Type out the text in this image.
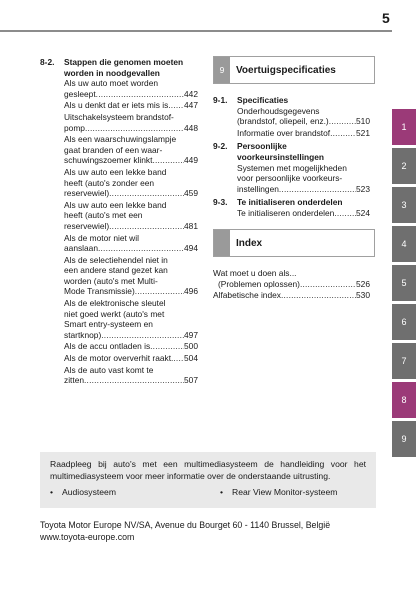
5
8-2.	Stappen die genomen moeten worden in noodgevallen
Als uw auto moet worden
gesleept .....	442
Als u denkt dat er iets mis is ..... 447
Uitschakelsysteem brandstof-
pomp .....	448
Als een waarschuwingslampje
gaat branden of een waar-
schuwingszoemer klinkt .....	449
Als uw auto een lekke band
heeft (auto's zonder een
reservewiel) .....	459
Als uw auto een lekke band
heeft (auto's met een
reservewiel) .....	481
Als de motor niet wil
aanslaan .....	494
Als de selectiehendel niet in
een andere stand gezet kan
worden (auto's met Multi-
Mode Transmissie) .....	496
Als de elektronische sleutel
niet goed werkt (auto's met
Smart entry-systeem en
startknop) .....	497
Als de accu ontladen is .....	500
Als de motor oververhit raakt. ..... 504
Als de auto vast komt te
zitten .....	507
9	Voertuigspecificaties
9-1.	Specificaties
Onderhoudsgegevens
(brandstof, oliepeil, enz.) .....	510
Informatie over brandstof .....	521
9-2.	Persoonlijke voorkeursinstellingen
Systemen met mogelijkheden
voor persoonlijke voorkeurs-
instellingen .....	523
9-3.	Te initialiseren onderdelen
Te initialiseren onderdelen .....	524
Index
Wat moet u doen als...
(Problemen oplossen) .....	526
Alfabetische index .....	530
1
2
3
4
5
6
7
8
9
Raadpleeg bij auto's met een multimediasysteem de handleiding voor het multimediasysteem voor meer informatie over de onderstaande uitrusting.
•	Audiosysteem	•	Rear View Monitor-systeem
Toyota Motor Europe NV/SA, Avenue du Bourget 60 - 1140 Brussel, België
www.toyota-europe.com
